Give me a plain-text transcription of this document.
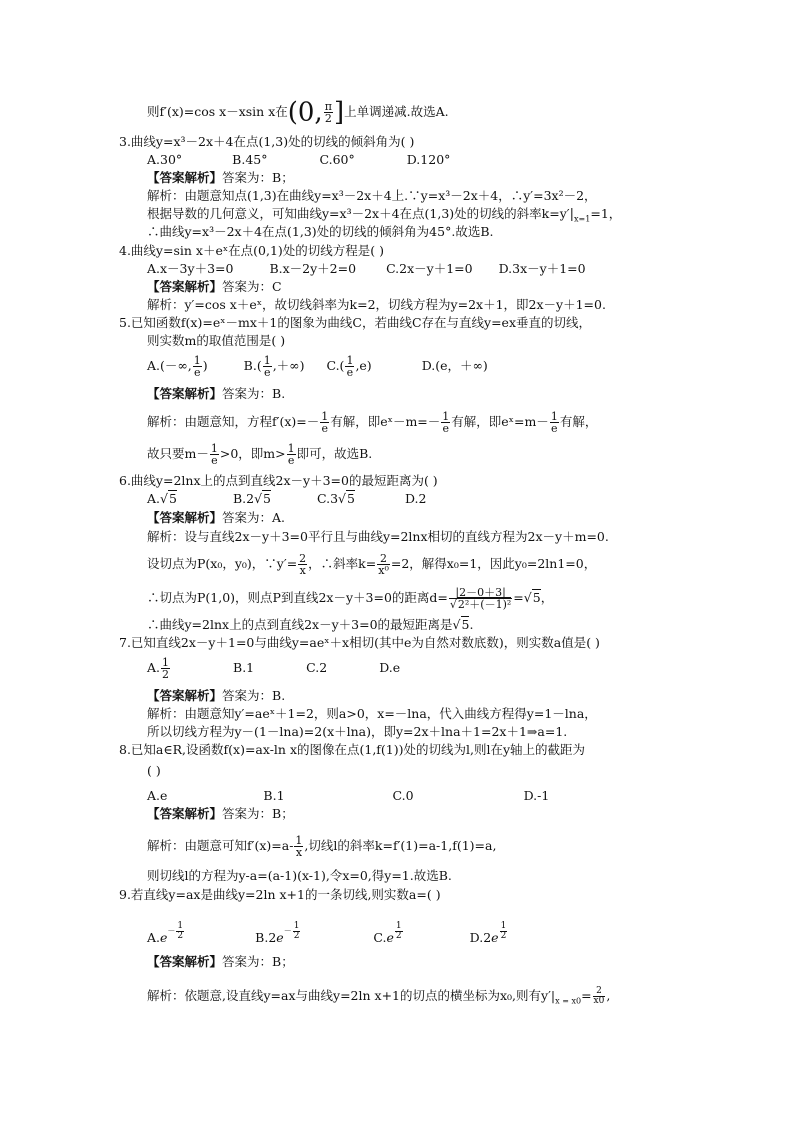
则f′(x)=cos x－xsin x在(0, $\frac{\pi}{2}$ ]上单调递减.故选A.
3.曲线y=x³－2x＋4在点(1,3)处的切线的倾斜角为( )
A.30°	B.45°	C.60°	D.120°
【答案解析】答案为：B；
解析：由题意知点(1,3)在曲线y=x³－2x＋4上.∵y=x³－2x＋4，∴y′=3x²－2，
根据导数的几何意义，可知曲线y=x³－2x＋4在点(1,3)处的切线的斜率$k=y'|_{x=1}=1$，
∴曲线y=x³－2x＋4在点(1,3)处的切线的倾斜角为45°.故选B.
4.曲线y=sin x＋eˣ在点(0,1)处的切线方程是( )
A.x－3y＋3=0	B.x－2y＋2=0 C.2x－y＋1=0 D.3x－y＋1=0
【答案解析】答案为：C
解析：y′=cos x＋eˣ，故切线斜率为k=2，切线方程为y=2x＋1，即2x－y＋1=0.
5.已知函数f(x)=eˣ－mx＋1的图象为曲线C，若曲线C存在与直线y=ex垂直的切线，
则实数m的取值范围是( )
A.(－∞, $\frac{1}{e}$ )	$B.( \frac{1}{e}$ ,＋∞) $C.( \frac{1}{e} ,e)$	D.(e，＋∞)
【答案解析】答案为：B.
解析：由题意知，方程$f'(x)=- \frac{1}{e}$ 有解，即eˣ－m=－ $\frac{1}{e}$ 有解，即eˣ=m－ $\frac{1}{e}$ 有解，
故只要$m- \frac{1}{e} >0$，即$m> \frac{1}{e}$ 即可，故选B.
6.曲线y=2lnx上的点到直线2x－y＋3=0的最短距离为( )
A.√5	B.2√5	C.3√5	D.2
【答案解析】答案为：A.
解析：设与直线2x－y＋3=0平行且与曲线y=2lnx相切的直线方程为2x－y＋m=0.
设切点为P(x₀，y₀)，∵y′= $\frac{2}{x}$ ，∴斜率$k= \frac{2}{\text{x⁰}} =2$，解得x₀=1，因此y₀=2ln1=0，
∴切点为P(1,0)，则点P到直线2x－y＋3=0的距离$d= \frac{|2-0+3|}{\text{√2²＋(－1)²}} =√5$，
∴曲线y=2lnx上的点到直线2x－y＋3=0的最短距离是√5.
7.已知直线2x－y＋1=0与曲线y=aeˣ＋x相切(其中e为自然对数底数)，则实数a值是( )
A. $\frac{1}{2}$	B.1	C.2	D.e
【答案解析】答案为：B.
解析：由题意知y′=aeˣ＋1=2，则a>0，x=－lna，代入曲线方程得y=1－lna，
所以切线方程为y－(1－lna)=2(x＋lna)，即y=2x＋lna＋1=2x＋1⇒a=1.
8.已知a∈R,设函数f(x)=ax-ln x的图像在点(1,f(1))处的切线为l,则l在y轴上的截距为
( )
A.e	B.1	C.0	D.-1
【答案解析】答案为：B；
解析：由题意可知$f'(x)=a- \frac{1}{x}$ ,切线l的斜率k=f′(1)=a-1,f(1)=a,
则切线l的方程为y-a=(a-1)(x-1),令x=0,得y=1.故选B.
9.若直线y=ax是曲线y=2ln x+1的一条切线,则实数a=( )
$A.e^{- \frac{1}{2}}$	$B.2e^{- \frac{1}{2}}$	C.e $^{\frac{1}{2}}$	D.2e $^{\frac{1}{2}}$
【答案解析】答案为：B；
解析：依题意,设直线y=ax与曲线y=2ln x+1的切点的横坐标为x₀,则有$y'|_{x = x0}= \frac{2}{x0}$ ,
